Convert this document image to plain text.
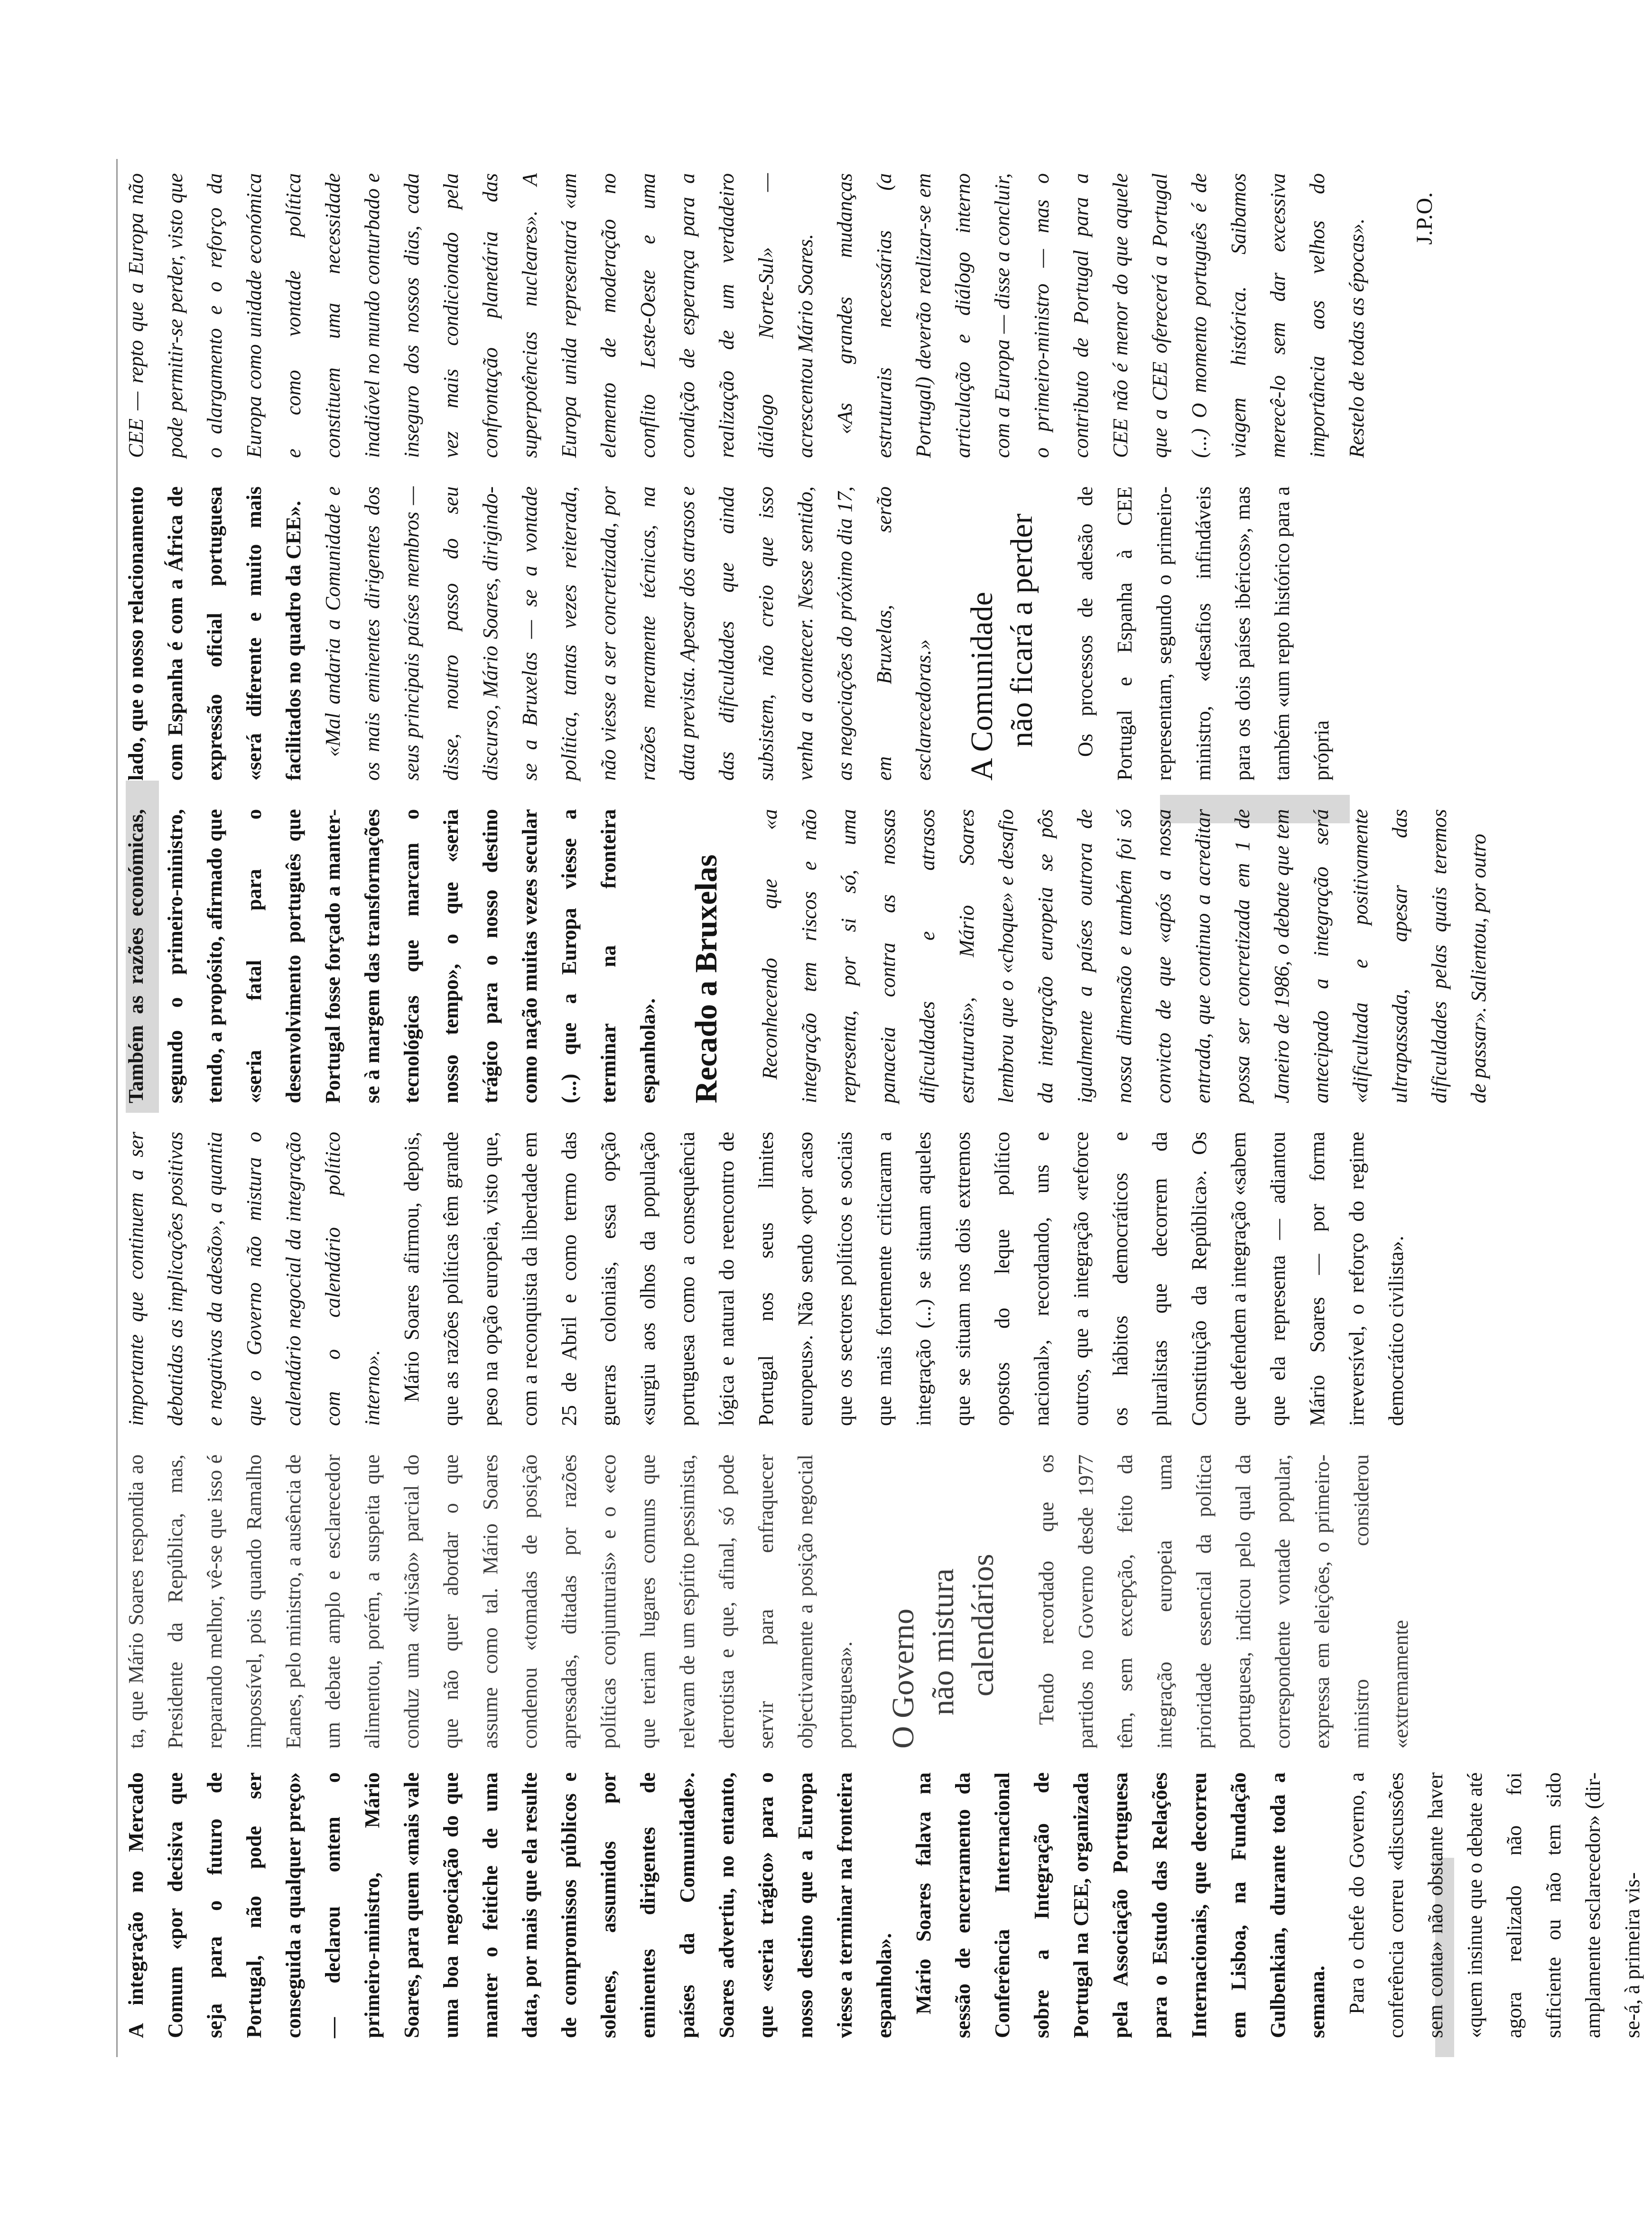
A integração no Mercado Comum «por decisiva que seja para o futuro de Portugal, não pode ser conseguida a qualquer preço» — declarou ontem o primeiro-ministro, Mário Soares, para quem «mais vale uma boa negociação do que manter o feitiche de uma data, por mais que ela resulte de compromissos públicos e solenes, assumidos por eminentes dirigentes de países da Comunidade». Soares advertiu, no entanto, que «seria trágico» para o nosso destino que a Europa viesse a terminar na fronteira espanhola». Mário Soares falava na sessão de encerramento da Conferência Internacional sobre a Integração de Portugal na CEE, organizada pela Associação Portuguesa para o Estudo das Relações Internacionais, que decorreu em Lisboa, na Fundação Gulbenkian, durante toda a semana. Para o chefe do Governo, a conferência correu «discussões sem conta» não obstante haver «quem insinue que o debate até agora realizado não foi suficiente ou não tem sido amplamente esclarecedor» (dir-se-á, à primeira vis-

ta, que Mário Soares respondia ao Presidente da República, mas, reparando melhor, vê-se que isso é impossível, pois quando Ramalho Eanes, pelo ministro, a ausência de um debate amplo e esclarecedor alimentou, porém, a suspeita que conduz uma «divisão» parcial do que não quer abordar o que assume como tal. Mário Soares condenou «tomadas de posição apressadas, ditadas por razões políticas conjunturais» e o «eco que teriam lugares comuns que relevam de um espírito pessimista, derrotista e que, afinal, só pode servir para enfraquecer objectivamente a posição negocial portuguesa». O Governo não mistura calendários	Tendo recordado que os partidos no Governo desde 1977 têm, sem excepção, feito da integração europeia uma prioridade essencial da política portuguesa, indicou pelo qual da correspondente vontade popular, expressa em eleições, o primeiro-ministro considerou «extremamente

importante que continuem a ser debatidas as implicações positivas e negativas da adesão», a quantia que o Governo não mistura o calendário negocial da integração com o calendário político interno». Mário Soares afirmou, depois, que as razões políticas têm grande peso na opção europeia, visto que, com a reconquista da liberdade em 25 de Abril e como termo das guerras coloniais, essa opção «surgiu aos olhos da população portuguesa como a consequência lógica e natural do reencontro de Portugal nos seus limites europeus». Não sendo «por acaso que os sectores políticos e sociais que mais fortemente criticaram a integração (...) se situam aqueles que se situam nos dois extremos opostos do leque político nacional», recordando, uns e outros, que a integração «reforce os hábitos democráticos e pluralistas que decorrem da Constituição da República». Os que defendem a integração «sabem que ela representa — adiantou Mário Soares — por forma irreversível, o reforço do regime democrático civilista».

Também as razões económicas, segundo o primeiro-ministro, tendo, a propósito, afirmado que «seria fatal para o desenvolvimento português que Portugal fosse forçado a manter-se à margem das transformações tecnológicas que marcam o nosso tempo», o que «seria trágico para o nosso destino como nação muitas vezes secular (...) que a Europa viesse a terminar na fronteira espanhola». Recado a Bruxelas	Reconhecendo que «a integração tem riscos e não representa, por si só, uma panaceia contra as nossas dificuldades e atrasos estruturais», Mário Soares lembrou que o «choque» e desafio da integração europeia se pôs igualmente a países outrora de nossa dimensão e também foi só convicto de que «após a nossa entrada, que continuo a acreditar possa ser concretizada em 1 de Janeiro de 1986, o debate que tem antecipado a integração será «dificultada e positivamente ultrapassada, apesar das dificuldades pelas quais teremos de passar». Salientou, por outro

lado, que o nosso relacionamento com Espanha é com a África de expressão oficial portuguesa «será diferente e muito mais facilitados no quadro da CEE». «Mal andaria a Comunidade e os mais eminentes dirigentes dos seus principais países membros — disse, noutro passo do seu discurso, Mário Soares, dirigindo-se a Bruxelas — se a vontade política, tantas vezes reiterada, não viesse a ser concretizada, por razões meramente técnicas, na data prevista. Apesar dos atrasos e das dificuldades que ainda subsistem, não creio que isso venha a acontecer. Nesse sentido, as negociações do próximo dia 17, em Bruxelas, serão esclarecedoras.» A Comunidade não ficará a perder	Os processos de adesão de Portugal e Espanha à CEE representam, segundo o primeiro-ministro, «desafios infindáveis para os dois países ibéricos», mas também «um repto histórico para a própria

CEE — repto que a Europa não pode permitir-se perder, visto que o alargamento e o reforço da Europa como unidade económica e como vontade política constituem uma necessidade inadiável no mundo conturbado e inseguro dos nossos dias, cada vez mais condicionado pela confrontação planetária das superpotências nucleares». A Europa unida representará «um elemento de moderação no conflito Leste-Oeste e uma condição de esperança para a realização de um verdadeiro diálogo Norte-Sul» — acrescentou Mário Soares. «As grandes mudanças estruturais necessárias (a Portugal) deverão realizar-se em articulação e diálogo interno com a Europa — disse a concluir, o primeiro-ministro — mas o contributo de Portugal para a CEE não é menor do que aquele que a CEE oferecerá a Portugal (...) O momento português é de viagem histórica. Saibamos merecê-lo sem dar excessiva importância aos velhos do Restelo de todas as épocas».	J.P.O.
